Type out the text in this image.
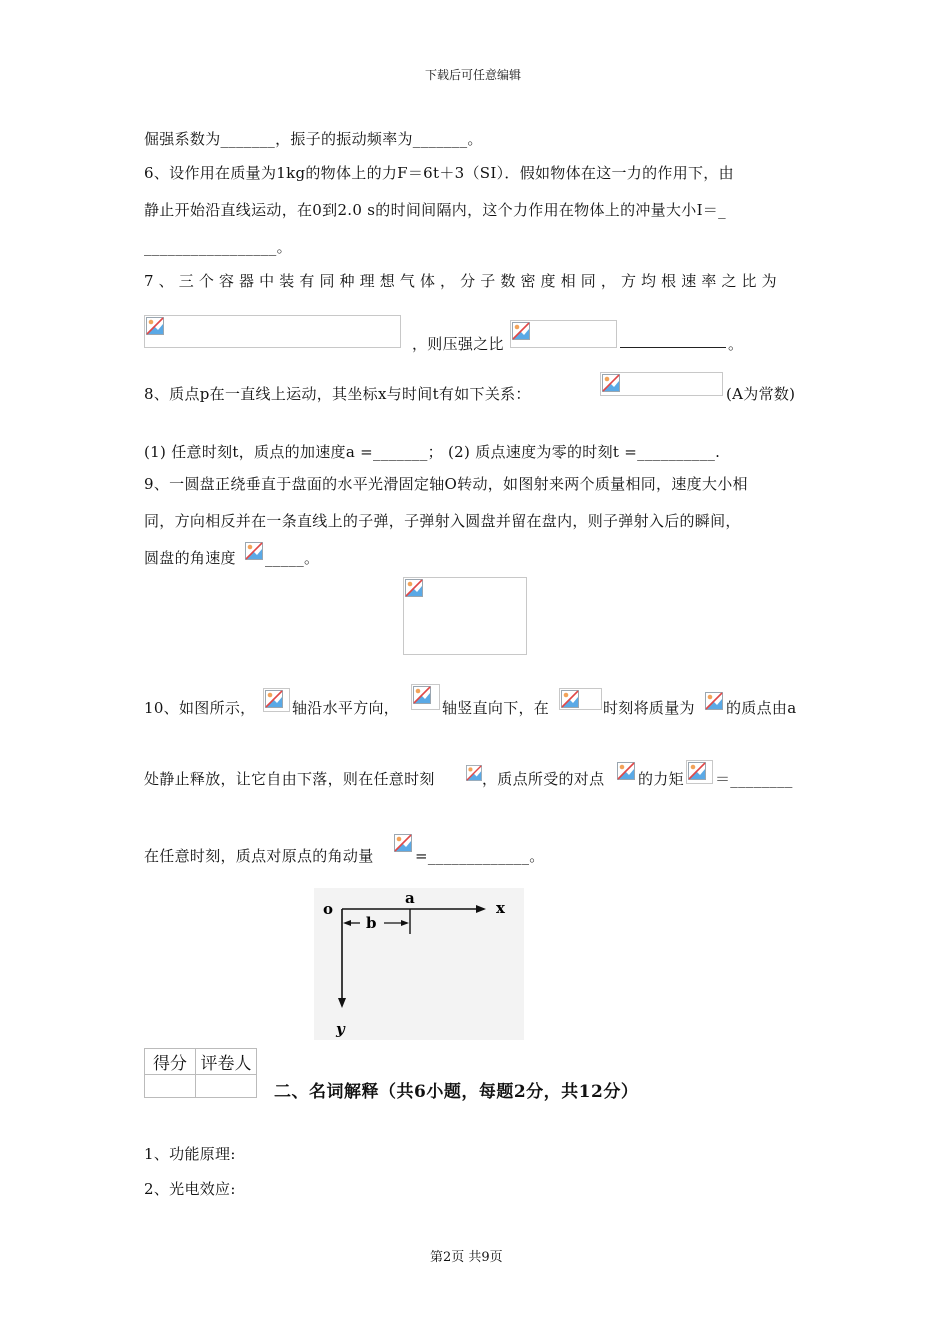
下载后可任意编辑
倔强系数为_______，振子的振动频率为_______。
6、设作用在质量为1kg的物体上的力F＝6t＋3（SI）．假如物体在这一力的作用下，由
静止开始沿直线运动，在0到2.0 s的时间间隔内，这个力作用在物体上的冲量大小I＝_
_________________。
7、三个容器中装有同种理想气体，分子数密度相同，方均根速率之比为
，则压强之比	。
8、质点p在一直线上运动，其坐标x与时间t有如下关系：	(A为常数)
(1) 任意时刻t，质点的加速度a =_______； (2) 质点速度为零的时刻t =__________.
9、一圆盘正绕垂直于盘面的水平光滑固定轴O转动，如图射来两个质量相同，速度大小相
同，方向相反并在一条直线上的子弹，子弹射入圆盘并留在盘内，则子弹射入后的瞬间，
圆盘的角速度 _____。
10、如图所示， 轴沿水平方向，	轴竖直向下，在	时刻将质量为 的质点由a
处静止释放，让它自由下落，则在任意时刻	，质点所受的对点 的力矩 ＝________
在任意时刻，质点对原点的角动量	=_____________。
o
a
x
b
y
得分	评卷人

二、名词解释（共6小题，每题2分，共12分）
1、功能原理:
2、光电效应:
第2页 共9页
